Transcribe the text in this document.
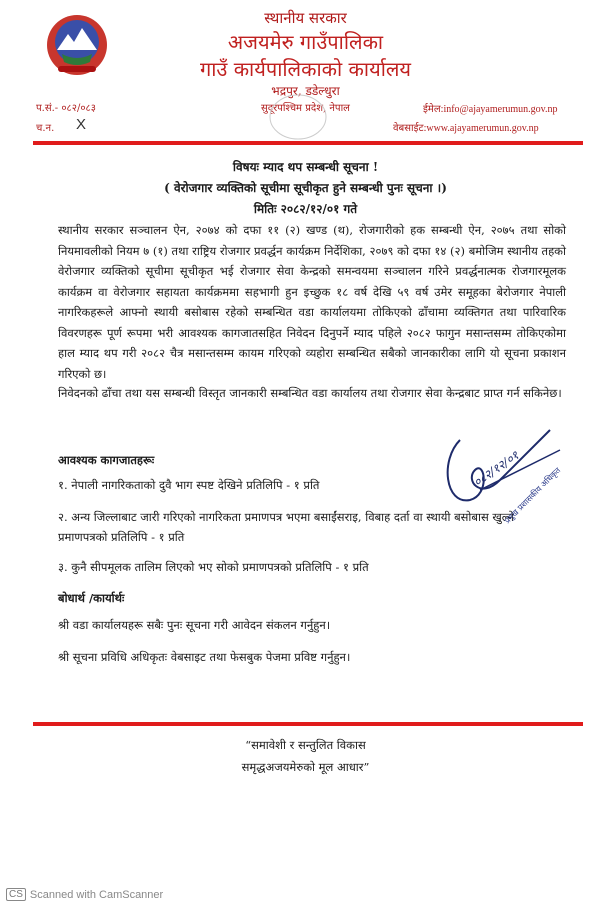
स्थानीय सरकार
अजयमेरु गाउँपालिका
गाउँ कार्यपालिकाको कार्यालय
भद्रपुर, डडेल्धुरा
सुदूरपश्चिम प्रदेश, नेपाल
प.सं.- ०८२/०८३
च.न. X
ईमेल:info@ajayamerumun.gov.np
वेबसाईट:www.ajayamerumun.gov.np
विषयः म्याद थप सम्बन्धी सूचना !
( वेरोजगार व्यक्तिको सूचीमा सूचीकृत हुने सम्बन्धी पुनः सूचना ।)
मितिः २०८२/१२/०१ गते
स्थानीय सरकार सञ्चालन ऐन, २०७४ को दफा ११ (२) खण्ड (थ), रोजगारीको हक सम्बन्धी ऐन, २०७५ तथा सोको नियमावलीको नियम ७ (१) तथा राष्ट्रिय रोजगार प्रवर्द्धन कार्यक्रम निर्देशिका, २०७९ को दफा १४ (२) बमोजिम स्थानीय तहको वेरोजगार व्यक्तिको सूचीमा सूचीकृत भई रोजगार सेवा केन्द्रको समन्वयमा सञ्चालन गरिने प्रवर्द्धनात्मक रोजगारमूलक कार्यक्रम वा वेरोजगार सहायता कार्यक्रममा सहभागी हुन इच्छुक १८ वर्ष देखि ५९ वर्ष उमेर समूहका बेरोजगार नेपाली नागरिकहरूले आफ्नो स्थायी बसोबास रहेको सम्बन्धित वडा कार्यालयमा तोकिएको ढाँचामा व्यक्तिगत तथा पारिवारिक विवरणहरू पूर्ण रूपमा भरी आवश्यक कागजातसहित निवेदन दिनुपर्ने म्याद पहिले २०८२ फागुन मसान्तसम्म तोकिएकोमा हाल म्याद थप गरी २०८२ चैत्र मसान्तसम्म कायम गरिएको व्यहोरा सम्बन्धित सबैको जानकारीका लागि यो सूचना प्रकाशन गरिएको छ।
निवेदनको ढाँचा तथा यस सम्बन्धी विस्तृत जानकारी सम्बन्धित वडा कार्यालय तथा रोजगार सेवा केन्द्रबाट प्राप्त गर्न सकिनेछ।
आवश्यक कागजातहरूः
१. नेपाली नागरिकताको दुवै भाग स्पष्ट देखिने प्रतिलिपि - १ प्रति
२. अन्य जिल्लाबाट जारी गरिएको नागरिकता प्रमाणपत्र भएमा बसाईंसराइ, विबाह दर्ता वा स्थायी बसोबास खुल्ने प्रमाणपत्रको प्रतिलिपि - १ प्रति
३. कुनै सीपमूलक तालिम लिएको भए सोको प्रमाणपत्रको प्रतिलिपि - १ प्रति
बोधार्थ /कार्यार्थः
श्री वडा कार्यालयहरू सबैः पुनः सूचना गरी आवेदन संकलन गर्नुहुन।
श्री सूचना प्रविधि अधिकृतः वेबसाइट तथा फेसबुक पेजमा प्रविष्ट गर्नुहुन।
०८२/१२/०१
प्रमुख प्रशासकीय अधिकृत
“समावेशी र सन्तुलित विकास
समृद्धअजयमेरुको मूल आधार”
CS Scanned with CamScanner
